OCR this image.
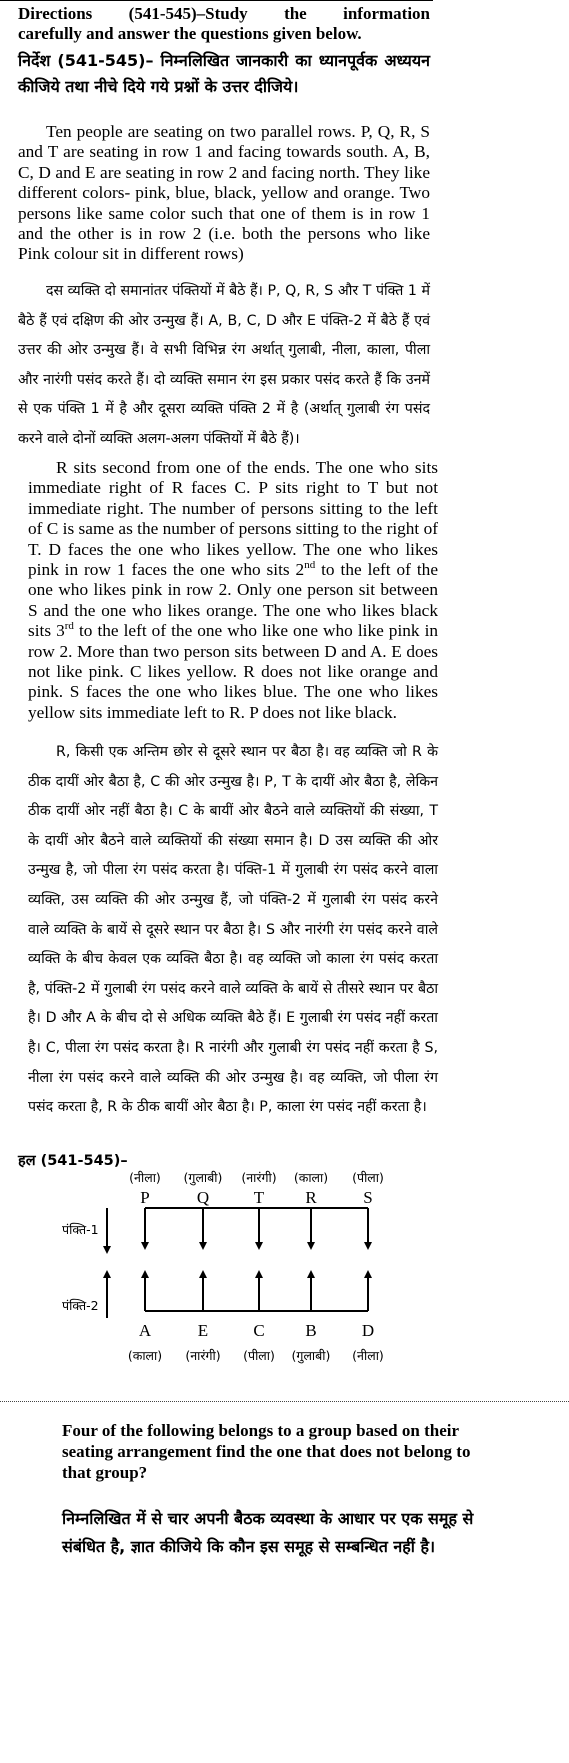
Directions (541-545)–Study the information
carefully and answer the questions given below.
निर्देश (541-545)– निम्नलिखित जानकारी का ध्यानपूर्वक अध्ययन कीजिये तथा नीचे दिये गये प्रश्नों के उत्तर दीजिये।
Ten people are seating on two parallel rows. P, Q, R, S and T are seating in row 1 and facing towards south. A, B, C, D and E are seating in row 2 and facing north. They like different colors- pink, blue, black, yellow and orange. Two persons like same color such that one of them is in row 1 and the other is in row 2 (i.e. both the persons who like Pink colour sit in different rows)
दस व्यक्ति दो समानांतर पंक्तियों में बैठे हैं। P, Q, R, S और T पंक्ति 1 में बैठे हैं एवं दक्षिण की ओर उन्मुख हैं। A, B, C, D और E पंक्ति-2 में बैठे हैं एवं उत्तर की ओर उन्मुख हैं। वे सभी विभिन्न रंग अर्थात् गुलाबी, नीला, काला, पीला और नारंगी पसंद करते हैं। दो व्यक्ति समान रंग इस प्रकार पसंद करते हैं कि उनमें से एक पंक्ति 1 में है और दूसरा व्यक्ति पंक्ति 2 में है (अर्थात् गुलाबी रंग पसंद करने वाले दोनों व्यक्ति अलग-अलग पंक्तियों में बैठे हैं)।
R sits second from one of the ends. The one who sits immediate right of R faces C. P sits right to T but not immediate right. The number of persons sitting to the left of C is same as the number of persons sitting to the right of T. D faces the one who likes yellow. The one who likes pink in row 1 faces the one who sits 2nd to the left of the one who likes pink in row 2. Only one person sit between S and the one who likes orange. The one who likes black sits 3rd to the left of the one who like one who like pink in row 2. More than two person sits between D and A. E does not like pink. C likes yellow. R does not like orange and pink. S faces the one who likes blue. The one who likes yellow sits immediate left to R. P does not like black.
R, किसी एक अन्तिम छोर से दूसरे स्थान पर बैठा है। वह व्यक्ति जो R के ठीक दायीं ओर बैठा है, C की ओर उन्मुख है। P, T के दायीं ओर बैठा है, लेकिन ठीक दायीं ओर नहीं बैठा है। C के बायीं ओर बैठने वाले व्यक्तियों की संख्या, T के दायीं ओर बैठने वाले व्यक्तियों की संख्या समान है। D उस व्यक्ति की ओर उन्मुख है, जो पीला रंग पसंद करता है। पंक्ति-1 में गुलाबी रंग पसंद करने वाला व्यक्ति, उस व्यक्ति की ओर उन्मुख हैं, जो पंक्ति-2 में गुलाबी रंग पसंद करने वाले व्यक्ति के बायें से दूसरे स्थान पर बैठा है। S और नारंगी रंग पसंद करने वाले व्यक्ति के बीच केवल एक व्यक्ति बैठा है। वह व्यक्ति जो काला रंग पसंद करता है, पंक्ति-2 में गुलाबी रंग पसंद करने वाले व्यक्ति के बायें से तीसरे स्थान पर बैठा है। D और A के बीच दो से अधिक व्यक्ति बैठे हैं। E गुलाबी रंग पसंद नहीं करता है। C, पीला रंग पसंद करता है। R नारंगी और गुलाबी रंग पसंद नहीं करता है S, नीला रंग पसंद करने वाले व्यक्ति की ओर उन्मुख है। वह व्यक्ति, जो पीला रंग पसंद करता है, R के ठीक बायीं ओर बैठा है। P, काला रंग पसंद नहीं करता है।
हल (541-545)–
(नीला)
P
(गुलाबी)
Q
(नारंगी)
T
(काला)
R
(पीला)
S
पंक्ति-1
A
(काला)
E
(नारंगी)
C
(पीला)
B
(गुलाबी)
D
(नीला)
पंक्ति-2
Four of the following belongs to a group based on their seating arrangement find the one that does not belong to that group?
निम्नलिखित में से चार अपनी बैठक व्यवस्था के आधार पर एक समूह से संबंधित है, ज्ञात कीजिये कि कौन इस समूह से सम्बन्धित नहीं है।
